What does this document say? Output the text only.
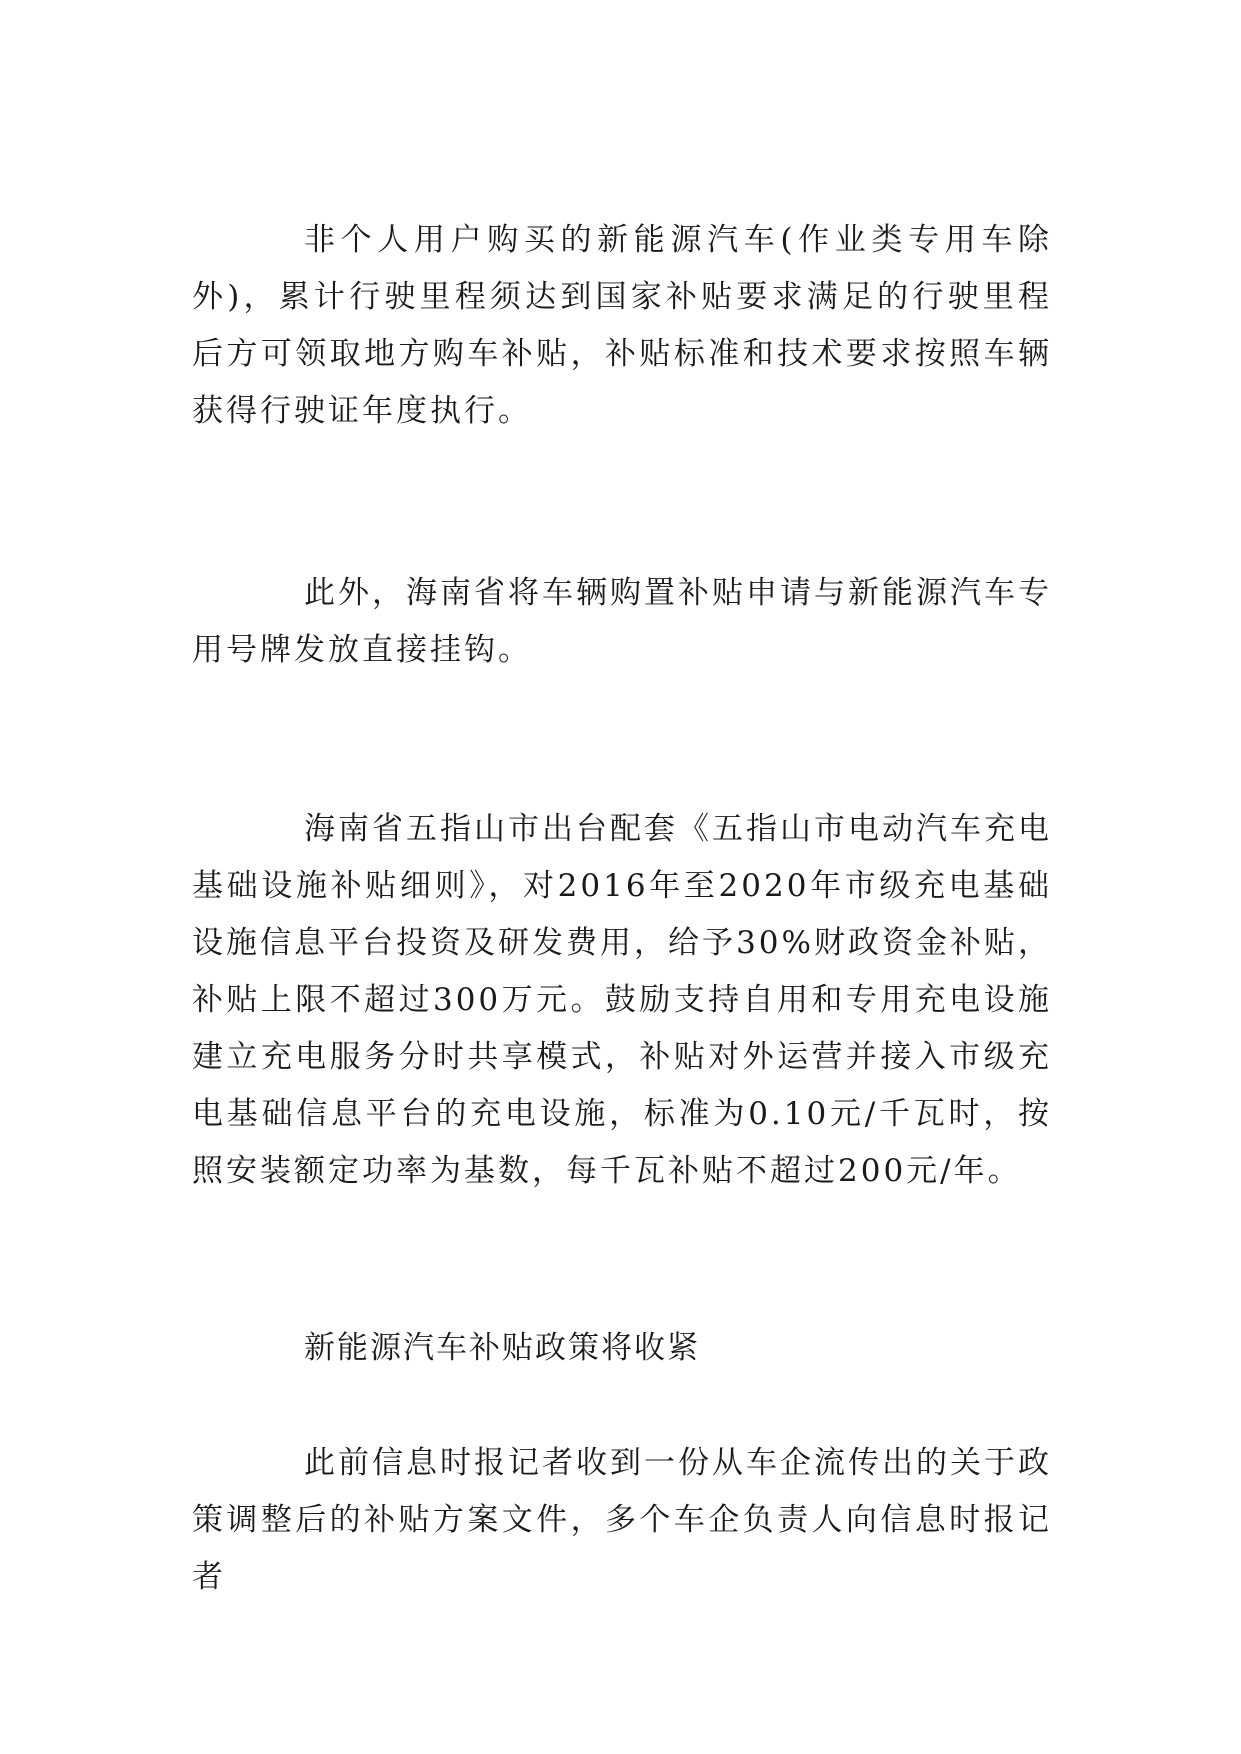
非个人用户购买的新能源汽车(作业类专用车除外)，累计行驶里程须达到国家补贴要求满足的行驶里程后方可领取地方购车补贴，补贴标准和技术要求按照车辆获得行驶证年度执行。

此外，海南省将车辆购置补贴申请与新能源汽车专用号牌发放直接挂钩。

海南省五指山市出台配套《五指山市电动汽车充电基础设施补贴细则》，对2016年至2020年市级充电基础设施信息平台投资及研发费用，给予30%财政资金补贴，补贴上限不超过300万元。鼓励支持自用和专用充电设施建立充电服务分时共享模式，补贴对外运营并接入市级充电基础信息平台的充电设施，标准为0.10元/千瓦时，按照安装额定功率为基数，每千瓦补贴不超过200元/年。

新能源汽车补贴政策将收紧

此前信息时报记者收到一份从车企流传出的关于政策调整后的补贴方案文件，多个车企负责人向信息时报记者
